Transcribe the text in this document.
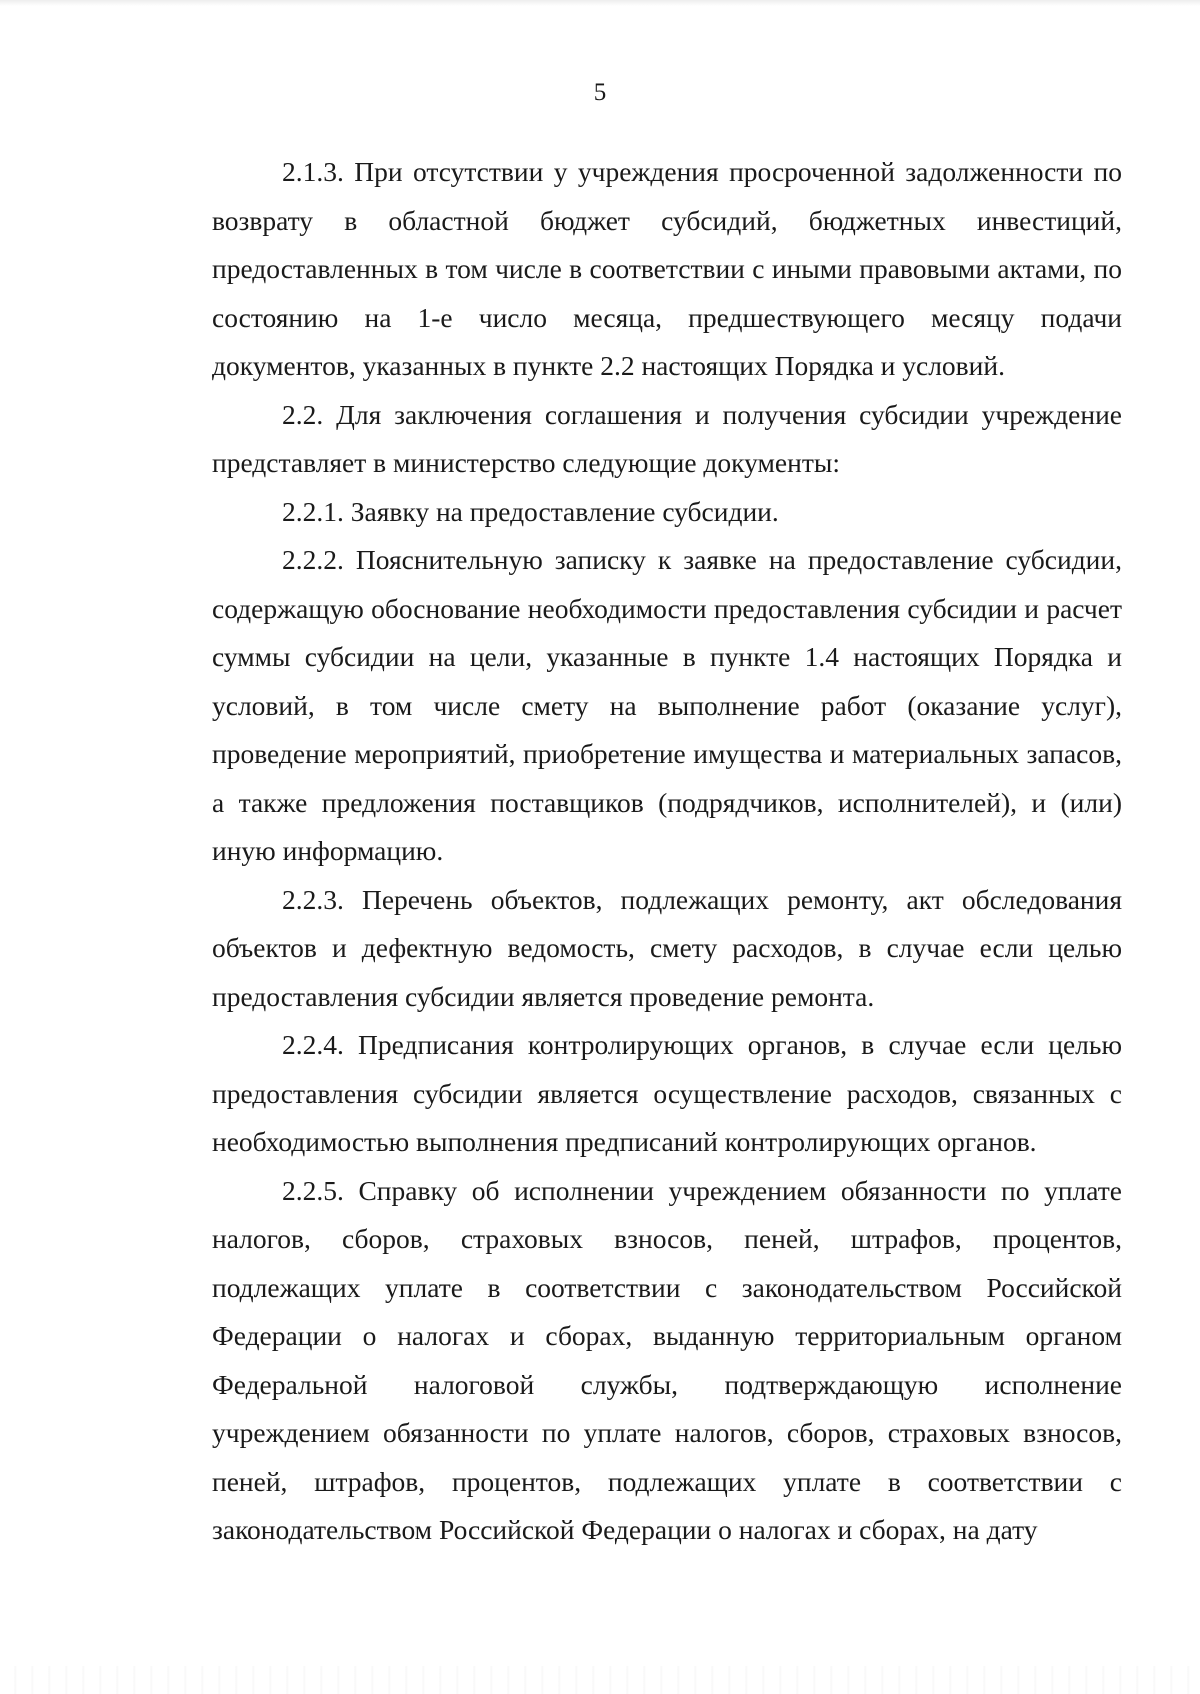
5

2.1.3. При отсутствии у учреждения просроченной задолженности по возврату в областной бюджет субсидий, бюджетных инвестиций, предоставленных в том числе в соответствии с иными правовыми актами, по состоянию на 1-е число месяца, предшествующего месяцу подачи документов, указанных в пункте 2.2 настоящих Порядка и условий.

2.2. Для заключения соглашения и получения субсидии учреждение представляет в министерство следующие документы:

2.2.1. Заявку на предоставление субсидии.

2.2.2. Пояснительную записку к заявке на предоставление субсидии, содержащую обоснование необходимости предоставления субсидии и расчет суммы субсидии на цели, указанные в пункте 1.4 настоящих Порядка и условий, в том числе смету на выполнение работ (оказание услуг), проведение мероприятий, приобретение имущества и материальных запасов, а также предложения поставщиков (подрядчиков, исполнителей), и (или) иную информацию.

2.2.3. Перечень объектов, подлежащих ремонту, акт обследования объектов и дефектную ведомость, смету расходов, в случае если целью предоставления субсидии является проведение ремонта.

2.2.4. Предписания контролирующих органов, в случае если целью предоставления субсидии является осуществление расходов, связанных с необходимостью выполнения предписаний контролирующих органов.

2.2.5. Справку об исполнении учреждением обязанности по уплате налогов, сборов, страховых взносов, пеней, штрафов, процентов, подлежащих уплате в соответствии с законодательством Российской Федерации о налогах и сборах, выданную территориальным органом Федеральной налоговой службы, подтверждающую исполнение учреждением обязанности по уплате налогов, сборов, страховых взносов, пеней, штрафов, процентов, подлежащих уплате в соответствии с законодательством Российской Федерации о налогах и сборах, на дату
